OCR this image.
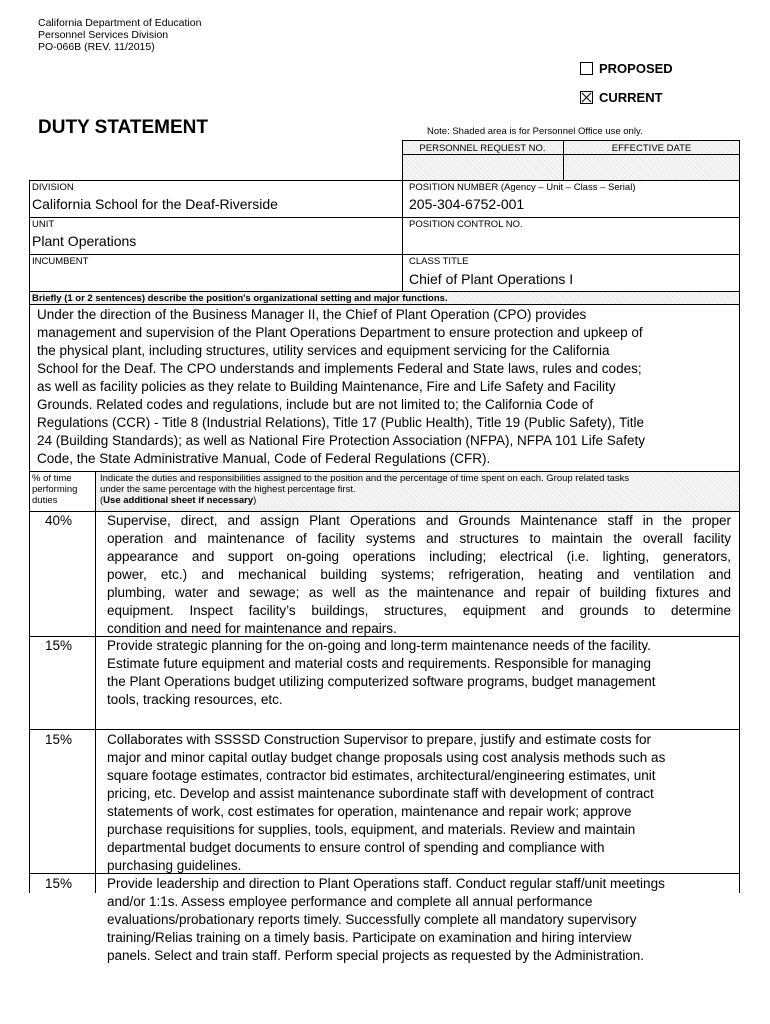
California Department of Education
Personnel Services Division
PO-066B (REV. 11/2015)
PROPOSED
CURRENT
DUTY STATEMENT	Note: Shaded area is for Personnel Office use only.
PERSONNEL REQUEST NO.	EFFECTIVE DATE
DIVISION
California School for the Deaf-Riverside
POSITION NUMBER (Agency – Unit – Class – Serial)
205-304-6752-001
UNIT
Plant Operations
POSITION CONTROL NO.
INCUMBENT	CLASS TITLE
Chief of Plant Operations I
Briefly (1 or 2 sentences) describe the position's organizational setting and major functions.
Under the direction of the Business Manager II, the Chief of Plant Operation (CPO) provides
management and supervision of the Plant Operations Department to ensure protection and upkeep of
the physical plant, including structures, utility services and equipment servicing for the California
School for the Deaf. The CPO understands and implements Federal and State laws, rules and codes;
as well as facility policies as they relate to Building Maintenance, Fire and Life Safety and Facility
Grounds. Related codes and regulations, include but are not limited to; the California Code of
Regulations (CCR) - Title 8 (Industrial Relations), Title 17 (Public Health), Title 19 (Public Safety), Title
24 (Building Standards); as well as National Fire Protection Association (NFPA), NFPA 101 Life Safety
Code, the State Administrative Manual, Code of Federal Regulations (CFR).
% of time
performing
duties
Indicate the duties and responsibilities assigned to the position and the percentage of time spent on each. Group related tasks
under the same percentage with the highest percentage first.
(Use additional sheet if necessary)
40%	Supervise, direct, and assign Plant Operations and Grounds Maintenance staff in the proper
operation and maintenance of facility systems and structures to maintain the overall facility
appearance and support on-going operations including; electrical (i.e. lighting, generators,
power, etc.) and mechanical building systems; refrigeration, heating and ventilation and
plumbing, water and sewage; as well as the maintenance and repair of building fixtures and
equipment. Inspect facility’s buildings, structures, equipment and grounds to determine
condition and need for maintenance and repairs.
15%	Provide strategic planning for the on-going and long-term maintenance needs of the facility.
Estimate future equipment and material costs and requirements. Responsible for managing
the Plant Operations budget utilizing computerized software programs, budget management
tools, tracking resources, etc.
15%	Collaborates with SSSSD Construction Supervisor to prepare, justify and estimate costs for
major and minor capital outlay budget change proposals using cost analysis methods such as
square footage estimates, contractor bid estimates, architectural/engineering estimates, unit
pricing, etc. Develop and assist maintenance subordinate staff with development of contract
statements of work, cost estimates for operation, maintenance and repair work; approve
purchase requisitions for supplies, tools, equipment, and materials. Review and maintain
departmental budget documents to ensure control of spending and compliance with
purchasing guidelines.
15%	Provide leadership and direction to Plant Operations staff. Conduct regular staff/unit meetings
and/or 1:1s. Assess employee performance and complete all annual performance
evaluations/probationary reports timely. Successfully complete all mandatory supervisory
training/Relias training on a timely basis. Participate on examination and hiring interview
panels. Select and train staff. Perform special projects as requested by the Administration.
